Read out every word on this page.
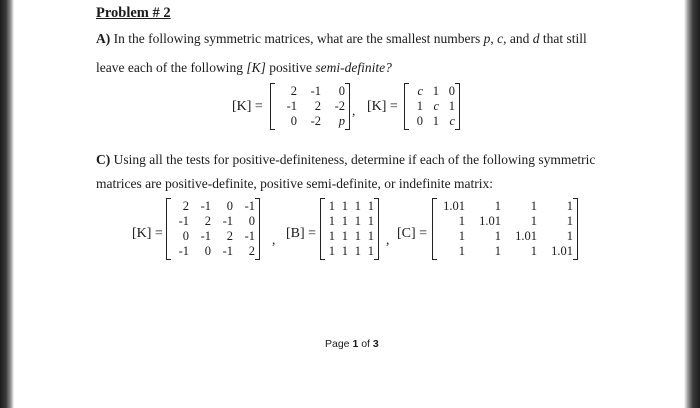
Problem # 2
A) In the following symmetric matrices, what are the smallest numbers p, c, and d that still
leave each of the following [K] positive semi-definite?
[K] =
2	-1	0
-1	2	-2
0	-2	p
, [K] =
c 1 0
1 c 1
0 1 c
C) Using all the tests for positive-definiteness, determine if each of the following symmetric
matrices are positive-definite, positive semi-definite, or indefinite matrix:
[K] =
2 -1	0 -1
-1	2 -1	0
0 -1	2 -1
-1	0 -1	2
, [B] =
1 1 1 1
1 1 1 1
1 1 1 1
1 1 1 1
, [C] =
1.01	1	1	1
1	1.01	1	1
1	1	1.01	1
1	1	1	1.01
Page 1 of 3
